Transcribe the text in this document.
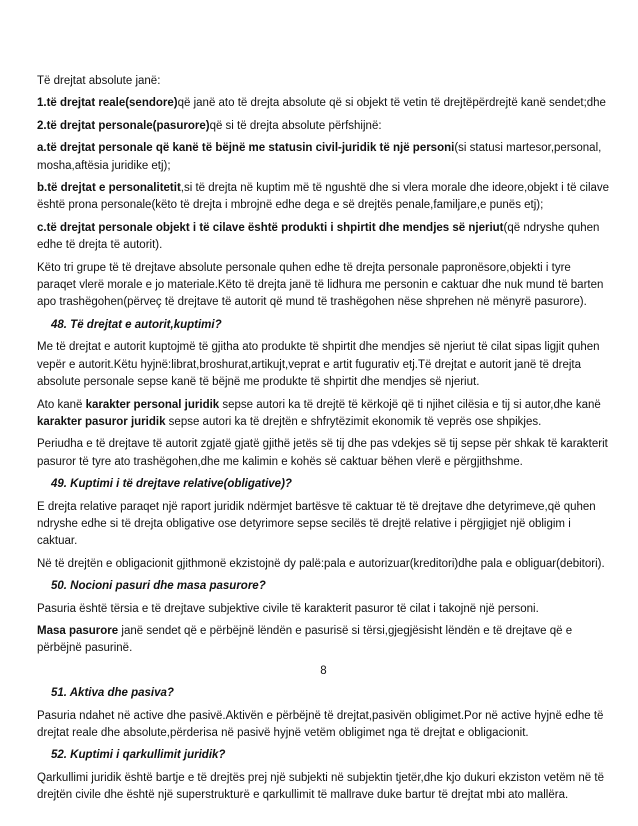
Të drejtat absolute janë:

1.të drejtat reale(sendore)që janë ato të drejta absolute që si objekt të vetin të drejtëpërdrejtë kanë sendet;dhe

2.të drejtat personale(pasurore)që si të drejta absolute përfshijnë:

a.të drejtat personale që kanë të bëjnë me statusin civil-juridik të një personi(si statusi martesor,personal, mosha,aftësia juridike etj);

b.të drejtat e personalitetit,si të drejta në kuptim më të ngushtë dhe si vlera morale dhe ideore,objekt i të cilave është prona personale(këto të drejta i mbrojnë edhe dega e së drejtës penale,familjare,e punës etj);

c.të drejtat personale objekt i të cilave është produkti i shpirtit dhe mendjes së njeriut(që ndryshe quhen edhe të drejta të autorit).

Këto tri grupe të të drejtave absolute personale quhen edhe të drejta personale papronësore,objekti i tyre paraqet vlerë morale e jo materiale.Këto të drejta janë të lidhura me personin e caktuar dhe nuk mund të barten apo trashëgohen(përveç të drejtave të autorit që mund të trashëgohen nëse shprehen në mënyrë pasurore).

48. Të drejtat e autorit,kuptimi?

Me të drejtat e autorit kuptojmë të gjitha ato produkte të shpirtit dhe mendjes së njeriut të cilat sipas ligjit quhen vepër e autorit.Këtu hyjnë:librat,broshurat,artikujt,veprat e artit fugurativ etj.Të drejtat e autorit janë të drejta absolute personale sepse kanë të bëjnë me produkte të shpirtit dhe mendjes së njeriut.

Ato kanë karakter personal juridik sepse autori ka të drejtë të kërkojë që ti njihet cilësia e tij si autor,dhe kanë karakter pasuror juridik sepse autori ka të drejtën e shfrytëzimit ekonomik të veprës ose shpikjes.

Periudha e të drejtave të autorit zgjatë gjatë gjithë jetës së tij dhe pas vdekjes së tij sepse për shkak të karakterit pasuror të tyre ato trashëgohen,dhe me kalimin e kohës së caktuar bëhen vlerë e përgjithshme.

49. Kuptimi i të drejtave relative(obligative)?

E drejta relative paraqet një raport juridik ndërmjet bartësve të caktuar të të drejtave dhe detyrimeve,që quhen ndryshe edhe si të drejta obligative ose detyrimore sepse secilës të drejtë relative i përgjigjet një obligim i caktuar.

Në të drejtën e obligacionit gjithmonë ekzistojnë dy palë:pala e autorizuar(kreditori)dhe pala e obliguar(debitori).

50. Nocioni pasuri dhe masa pasurore?

Pasuria është tërsia e të drejtave subjektive civile të karakterit pasuror të cilat i takojnë një personi.

Masa pasurore janë sendet që e përbëjnë lëndën e pasurisë si tërsi,gjegjësisht lëndën e të drejtave që e përbëjnë pasurinë.

8

51. Aktiva dhe pasiva?

Pasuria ndahet në active dhe pasivë.Aktivën e përbëjnë të drejtat,pasivën obligimet.Por në active hyjnë edhe të drejtat reale dhe absolute,përderisa në pasivë hyjnë vetëm obligimet nga të drejtat e obligacionit.

52. Kuptimi i qarkullimit juridik?

Qarkullimi juridik është bartje e të drejtës prej një subjekti në subjektin tjetër,dhe kjo dukuri ekziston vetëm në të drejtën civile dhe është një superstrukturë e qarkullimit të mallrave duke bartur të drejtat mbi ato mallëra.
